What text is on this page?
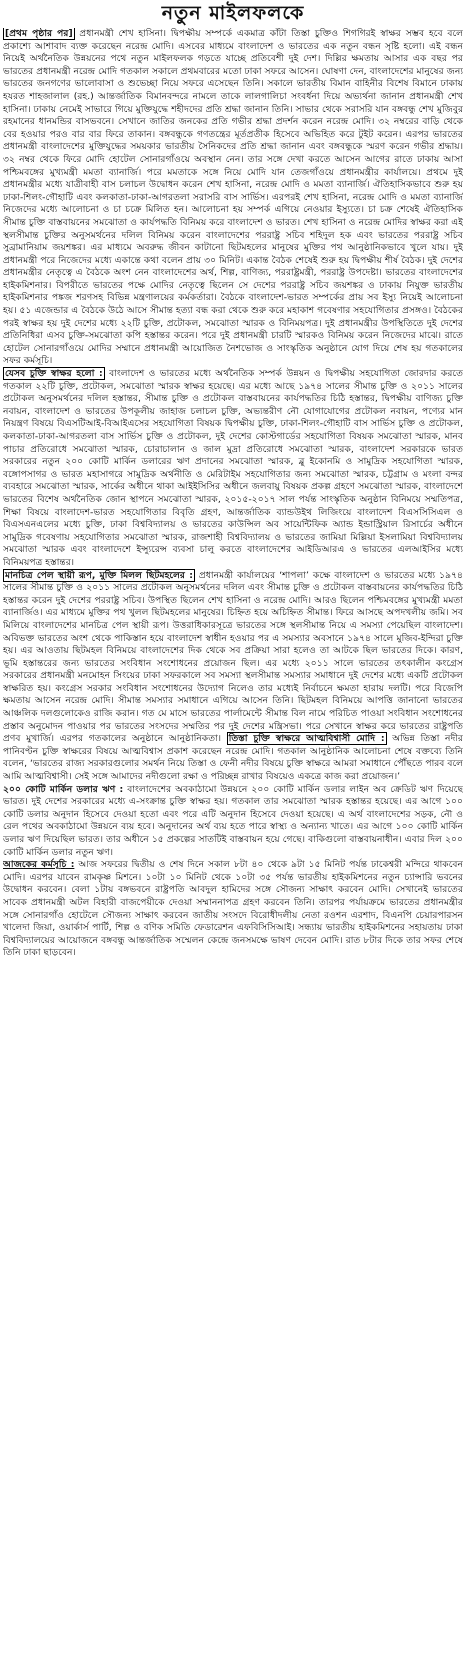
নতুন মাইলফলকে

[প্রথম পৃষ্ঠার পর] প্রধানমন্ত্রী শেখ হাসিনা। দ্বিপক্ষীয় সম্পর্কে একমাত্র কাঁটা তিস্তা চুক্তিও শিগগিরই স্বাক্ষর সম্ভব হবে বলে প্রকাশ্যে আশাবাদ ব্যক্ত করেছেন নরেন্দ্র মোদি। এসবের মাধ্যমে বাংলাদেশ ও ভারতের এক নতুন বন্ধন সৃষ্টি হলো। এই বন্ধন নিয়েই অর্থনৈতিক উন্নয়নের পথে নতুন মাইলফলক গড়তে যাচ্ছে প্রতিবেশী দুই দেশ। দিল্লির ক্ষমতায় আসার এক বছর পর ভারতের প্রধানমন্ত্রী নরেন্দ্র মোদি গতকাল সকালে প্রথমবারের মতো ঢাকা সফরে আসেন। ঘোষণা দেন, বাংলাদেশের মানুষের জন্য ভারতের জনগণের ভালোবাসা ও শুভেচ্ছা নিয়ে সফরে এসেছেন তিনি। সকালে ভারতীয় বিমান বাহিনীর বিশেষ বিমানে ঢাকায় হযরত শাহজালাল (রহ.) আন্তর্জাতিক বিমানবন্দরে নামলে তাকে লালগালিচা সংবর্ধনা দিয়ে অভ্যর্থনা জানান প্রধানমন্ত্রী শেখ হাসিনা। ঢাকায় নেমেই সাভারে গিয়ে মুক্তিযুদ্ধে শহীদদের প্রতি শ্রদ্ধা জানান তিনি। সাভার থেকে সরাসরি যান বঙ্গবন্ধু শেখ মুজিবুর রহমানের ধানমন্ডির বাসভবনে। সেখানে জাতির জনকের প্রতি গভীর শ্রদ্ধা প্রদর্শন করেন নরেন্দ্র মোদি। ৩২ নম্বরের বাড়ি থেকে বের হওয়ার পরও বার বার ফিরে তাকান। বঙ্গবন্ধুকে গণতন্ত্রের মূর্তপ্রতীক হিসেবে অভিহিত করে টুইট করেন। এরপর ভারতের প্রধানমন্ত্রী বাংলাদেশের মুক্তিযুদ্ধের সময়কার ভারতীয় সৈনিকদের প্রতি শ্রদ্ধা জানান এবং বঙ্গবন্ধুকে স্মরণ করেন গভীর শ্রদ্ধায়। ৩২ নম্বর থেকে ফিরে মোদি হোটেল সোনারগাঁওয়ে অবস্থান নেন। তার সঙ্গে দেখা করতে আসেন আগের রাতে ঢাকায় আসা পশ্চিমবঙ্গের মুখ্যমন্ত্রী মমতা ব্যানার্জি। পরে মমতাকে সঙ্গে নিয়ে মোদি যান তেজগাঁওয়ে প্রধানমন্ত্রীর কার্যালয়ে। প্রথমে দুই প্রধানমন্ত্রীর মধ্যে যাত্রীবাহী বাস চলাচল উদ্বোধন করেন শেখ হাসিনা, নরেন্দ্র মোদি ও মমতা ব্যানার্জি। ঐতিহাসিকভাবে শুরু হয় ঢাকা-শিলং-গৌহাটি এবং কলকাতা-ঢাকা-আগরতলা সরাসরি বাস সার্ভিস। এরপরই শেখ হাসিনা, নরেন্দ্র মোদি ও মমতা ব্যানার্জি নিজেদের মধ্যে আলোচনা ও চা চক্রে মিলিত হন। আলোচনা হয় সম্পর্ক এগিয়ে নেওয়ার ইস্যুতে। চা চক্র শেষেই ঐতিহাসিক সীমান্ত চুক্তি বাস্তবায়নের সমঝোতা ও কার্যপদ্ধতি বিনিময় করে বাংলাদেশ ও ভারত। শেখ হাসিনা ও নরেন্দ্র মোদির স্বাক্ষর করা এই স্থলসীমান্ত চুক্তির অনুসমর্থনের দলিল বিনিময় করেন বাংলাদেশের পররাষ্ট্র সচিব শহিদুল হক এবং ভারতের পররাষ্ট্র সচিব সুব্রামানিয়াম জয়শঙ্কর। এর মাধ্যমে অবরুদ্ধ জীবন কাটানো ছিটমহলের মানুষের মুক্তির পথ আনুষ্ঠানিকভাবে খুলে যায়। দুই প্রধানমন্ত্রী পরে নিজেদের মধ্যে একান্তে কথা বলেন প্রায় ৩০ মিনিট। একান্ত বৈঠক শেষেই শুরু হয় দ্বিপক্ষীয় শীর্ষ বৈঠক। দুই দেশের প্রধানমন্ত্রীর নেতৃত্বে এ বৈঠকে অংশ নেন বাংলাদেশের অর্থ, শিল্প, বাণিজ্য, পররাষ্ট্রমন্ত্রী, পররাষ্ট্র উপদেষ্টা। ভারতের বাংলাদেশের হাইকমিশনার। বিপরীতে ভারতের পক্ষে মোদির নেতৃত্বে ছিলেন সে দেশের পররাষ্ট্র সচিব জয়শঙ্কর ও ঢাকায় নিযুক্ত ভারতীয় হাইকমিশনার পঙ্কজ শরণসহ বিভিন্ন মন্ত্রণালয়ের কর্মকর্তারা। বৈঠকে বাংলাদেশ-ভারত সম্পর্কের প্রায় সব ইস্যু নিয়েই আলোচনা হয়। ৫১ এজেন্ডার এ বৈঠকে উঠে আসে সীমান্ত হত্যা বন্ধ করা থেকে শুরু করে মহাকাশ গবেষণার সহযোগিতার প্রসঙ্গও। বৈঠকের পরই স্বাক্ষর হয় দুই দেশের মধ্যে ২২টি চুক্তি, প্রটোকল, সমঝোতা স্মারক ও বিনিময়পত্র। দুই প্রধানমন্ত্রীর উপস্থিতিতে দুই দেশের প্রতিনিধিরা এসব চুক্তি-সমঝোতা কপি হস্তান্তর করেন। পরে দুই প্রধানমন্ত্রী চারটি স্মারকও বিনিময় করেন নিজেদের মাঝে। রাতে হোটেল সোনারগাঁওয়ে মোদির সম্মানে প্রধানমন্ত্রী আয়োজিত নৈশভোজ ও সাংস্কৃতিক অনুষ্ঠানে যোগ দিয়ে শেষ হয় গতকালের সফর কর্মসূচি।

যেসব চুক্তি স্বাক্ষর হলো : বাংলাদেশ ও ভারতের মধ্যে অর্থনৈতিক সম্পর্ক উন্নয়ন ও দ্বিপক্ষীয় সহযোগিতা জোরদার করতে গতকাল ২২টি চুক্তি, প্রটোকল, সমঝোতা স্মারক স্বাক্ষর হয়েছে। এর মধ্যে আছে ১৯৭৪ সালের সীমান্ত চুক্তি ও ২০১১ সালের প্রটোকল অনুসমর্থনের দলিল হস্তান্তর, সীমান্ত চুক্তি ও প্রটোকল বাস্তবায়নের কার্যপদ্ধতির চিঠি হস্তান্তর, দ্বিপক্ষীয় বাণিজ্য চুক্তি নবায়ন, বাংলাদেশ ও ভারতের উপকূলীয় জাহাজ চলাচল চুক্তি, অভ্যন্তরীণ নৌ যোগাযোগের প্রটোকল নবায়ন, পণ্যের মান নিয়ন্ত্রণ বিষয়ে বিএসটিআই-বিআইএসের সহযোগিতা বিষয়ক দ্বিপক্ষীয় চুক্তি, ঢাকা-শিলং-গৌহাটি বাস সার্ভিস চুক্তি ও প্রটোকল, কলকাতা-ঢাকা-আগরতলা বাস সার্ভিস চুক্তি ও প্রটোকল, দুই দেশের কোস্টগার্ডের সহযোগিতা বিষয়ক সমঝোতা স্মারক, মানব পাচার প্রতিরোধে সমঝোতা স্মারক, চোরাচালান ও জাল মুদ্রা প্রতিরোধে সমঝোতা স্মারক, বাংলাদেশ সরকারকে ভারত সরকারের নতুন ২০০ কোটি মার্কিন ডলারের ঋণ প্রদানের সমঝোতা স্মারক, ব্লু ইকোনমি ও সামুদ্রিক সহযোগিতা স্মারক, বঙ্গোপসাগর ও ভারত মহাসাগরে সামুদ্রিক অর্থনীতি ও মেরিটাইম সহযোগিতার জন্য সমঝোতা স্মারক, চট্টগ্রাম ও মংলা বন্দর ব্যবহারে সমঝোতা স্মারক, সার্কের অধীনে থাকা আইইসিসির অধীনে জলবায়ু বিষয়ক প্রকল্প গ্রহণে সমঝোতা স্মারক, বাংলাদেশে ভারতের বিশেষ অর্থনৈতিক জোন স্থাপনে সমঝোতা স্মারক, ২০১৫-২০১৭ সাল পর্যন্ত সাংস্কৃতিক অনুষ্ঠান বিনিময়ে সম্মতিপত্র, শিক্ষা বিষয়ে বাংলাদেশ-ভারত সহযোগিতার বিবৃতি গ্রহণ, আন্তর্জাতিক ব্যান্ডউইথ লিজিংয়ে বাংলাদেশ বিএসসিসিএল ও বিএসএনএলের মধ্যে চুক্তি, ঢাকা বিশ্ববিদ্যালয় ও ভারতের কাউন্সিল অব সায়েন্টিফিক অ্যান্ড ইন্ডাস্ট্রিয়াল রিসার্চের অধীনে সামুদ্রিক গবেষণায় সহযোগিতার সমঝোতা স্মারক, রাজশাহী বিশ্ববিদ্যালয় ও ভারতের জামিয়া মিল্লিয়া ইসলামিয়া বিশ্ববিদ্যালয় সমঝোতা স্মারক এবং বাংলাদেশে ইন্স্যুরেন্স ব্যবসা চালু করতে বাংলাদেশের আইডিআরএ ও ভারতের এলআইসির মধ্যে বিনিময়পত্র হস্তান্তর।

মানচিত্র পেল স্থায়ী রূপ, মুক্তি মিলল ছিটমহলের : প্রধানমন্ত্রী কার্যালয়ের ‘শাপলা’ কক্ষে বাংলাদেশ ও ভারতের মধ্যে ১৯৭৪ সালের সীমান্ত চুক্তি ও ২০১১ সালের প্রটোকল অনুসমর্থনের দলিল এবং সীমান্ত চুক্তি ও প্রটোকল বাস্তবায়নের কার্যপদ্ধতির চিঠি হস্তান্তর করেন দুই দেশের পররাষ্ট্র সচিব। উপস্থিত ছিলেন শেখ হাসিনা ও নরেন্দ্র মোদি। আরও ছিলেন পশ্চিমবঙ্গের মুখ্যমন্ত্রী মমতা ব্যানার্জিও। এর মাধ্যমে মুক্তির পথ খুলল ছিটমহলের মানুষের। চিহ্নিত হয়ে অচিহ্নিত সীমান্ত। ফিরে আসছে অপদখলীয় জমি। সব মিলিয়ে বাংলাদেশের মানচিত্র পেল স্থায়ী রূপ। উত্তরাধিকারসূত্রে ভারতের সঙ্গে স্থলসীমান্ত নিয়ে এ সমস্যা পেয়েছিল বাংলাদেশ। অবিভক্ত ভারতের অংশ থেকে পাকিস্তান হয়ে বাংলাদেশ স্বাধীন হওয়ার পর এ সমস্যার অবসানে ১৯৭৪ সালে মুজিব-ইন্দিরা চুক্তি হয়। এর আওতায় ছিটমহল বিনিময়ে বাংলাদেশের দিক থেকে সব প্রক্রিয়া সারা হলেও তা আটকে ছিল ভারতের দিকে। কারণ, ভূমি হস্তান্তরের জন্য ভারতের সংবিধান সংশোধনের প্রয়োজন ছিল। এর মধ্যে ২০১১ সালে ভারতের তৎকালীন কংগ্রেস সরকারের প্রধানমন্ত্রী মনমোহন সিংয়ের ঢাকা সফরকালে সব সমস্যা স্থলসীমান্ত সমস্যার সমাধানে দুই দেশের মধ্যে একটি প্রটোকল স্বাক্ষরিত হয়। কংগ্রেস সরকার সংবিধান সংশোধনের উদ্যোগ নিলেও তার মধ্যেই নির্বাচনে ক্ষমতা হারায় দলটি। পরে বিজেপি ক্ষমতায় আসেন নরেন্দ্র মোদি। সীমান্ত সমস্যার সমাধানে এগিয়ে আসেন তিনি। ছিটমহল বিনিময়ে আপত্তি জানানো ভারতের আঞ্চলিক দলগুলোকেও রাজি করান। গত মে মাসে ভারতের পার্লামেন্টে সীমান্ত বিল নামে পরিচিত পাওয়া সংবিধান সংশোধনের প্রস্তাব অনুমোদন পাওয়ার পর ভারতের সংসদের সম্মতির পর দুই দেশের মন্ত্রিসভা। পরে সেখানে স্বাক্ষর করে ভারতের রাষ্ট্রপতি প্রণব মুখার্জি। এরপর গতকালের অনুষ্ঠানে আনুষ্ঠানিকতা। তিস্তা চুক্তি স্বাক্ষরে আত্মবিশ্বাসী মোদি : অভিন্ন তিস্তা নদীর পানিবণ্টন চুক্তি স্বাক্ষরের বিষয়ে আত্মবিশ্বাস প্রকাশ করেছেন নরেন্দ্র মোদি। গতকাল আনুষ্ঠানিক আলোচনা শেষে বক্তব্যে তিনি বলেন, ‘ভারতের রাজ্য সরকারগুলোর সমর্থন নিয়ে তিস্তা ও ফেনী নদীর বিষয়ে চুক্তি স্বাক্ষরে আমরা সমাধানে পৌঁছতে পারব বলে আমি আত্মবিশ্বাসী। সেই সঙ্গে আমাদের নদীগুলো রক্ষা ও পরিচ্ছন্ন রাখার বিষয়েও একত্রে কাজ করা প্রয়োজন।’

২০০ কোটি মার্কিন ডলার ঋণ : বাংলাদেশের অবকাঠামো উন্নয়নে ২০০ কোটি মার্কিন ডলার লাইন অব ক্রেডিট ঋণ দিয়েছে ভারত। দুই দেশের সরকারের মধ্যে এ-সংক্রান্ত চুক্তি স্বাক্ষর হয়। গতকাল তার সমঝোতা স্মারক হস্তান্তর হয়েছে। এর আগে ১০০ কোটি ডলার অনুদান হিসেবে দেওয়া হতো এবং পরে এটি অনুদান হিসেবে দেওয়া হয়েছে। এ অর্থ বাংলাদেশের সড়ক, নৌ ও রেল পথের অবকাঠামো উন্নয়নে ব্যয় হবে। অনুদানের অর্থ ব্যয় হতে পারে স্বাস্থ্য ও অন্যান্য খাতে। এর আগে ১০০ কোটি মার্কিন ডলার ঋণ দিয়েছিল ভারত। তার অধীনে ১৫ প্রকল্পের সাতটিই বাস্তবায়ন হয়ে গেছে। বাকিগুলো বাস্তবায়নাধীন। এবার দিল ২০০ কোটি মার্কিন ডলার নতুন ঋণ।

আজকের কর্মসূচি : আজ সফরের দ্বিতীয় ও শেষ দিনে সকাল ৮টা ৪০ থেকে ৯টা ১৫ মিনিট পর্যন্ত ঢাকেশ্বরী মন্দিরে থাকবেন মোদি। এরপর যাবেন রামকৃষ্ণ মিশনে। ১০টা ১০ মিনিট থেকে ১০টা ৩৫ পর্যন্ত ভারতীয় হাইকমিশনের নতুন চ্যান্সারি ভবনের উদ্বোধন করবেন। বেলা ১টায় বঙ্গভবনে রাষ্ট্রপতি আবদুল হামিদের সঙ্গে সৌজন্য সাক্ষাৎ করবেন মোদি। সেখানেই ভারতের সাবেক প্রধানমন্ত্রী অটল বিহারী বাজপেয়ীকে দেওয়া সম্মাননাপত্র গ্রহণ করবেন তিনি। তারপর পর্যায়ক্রমে ভারতের প্রধানমন্ত্রীর সঙ্গে সোনারগাঁও হোটেলে সৌজন্য সাক্ষাৎ করবেন জাতীয় সংসদে বিরোধীদলীয় নেতা রওশন এরশাদ, বিএনপি চেয়ারপারসন খালেদা জিয়া, ওয়ার্কার্স পার্টি, শিল্প ও বণিক সমিতি ফেডারেশন এফবিসিসিআই। সন্ধ্যায় ভারতীয় হাইকমিশনের সহায়তায় ঢাকা বিশ্ববিদ্যালয়ের আয়োজনে বঙ্গবন্ধু আন্তর্জাতিক সম্মেলন কেন্দ্রে জনসমক্ষে ভাষণ দেবেন মোদি। রাত ৮টার দিকে তার সফর শেষে তিনি ঢাকা ছাড়বেন।
